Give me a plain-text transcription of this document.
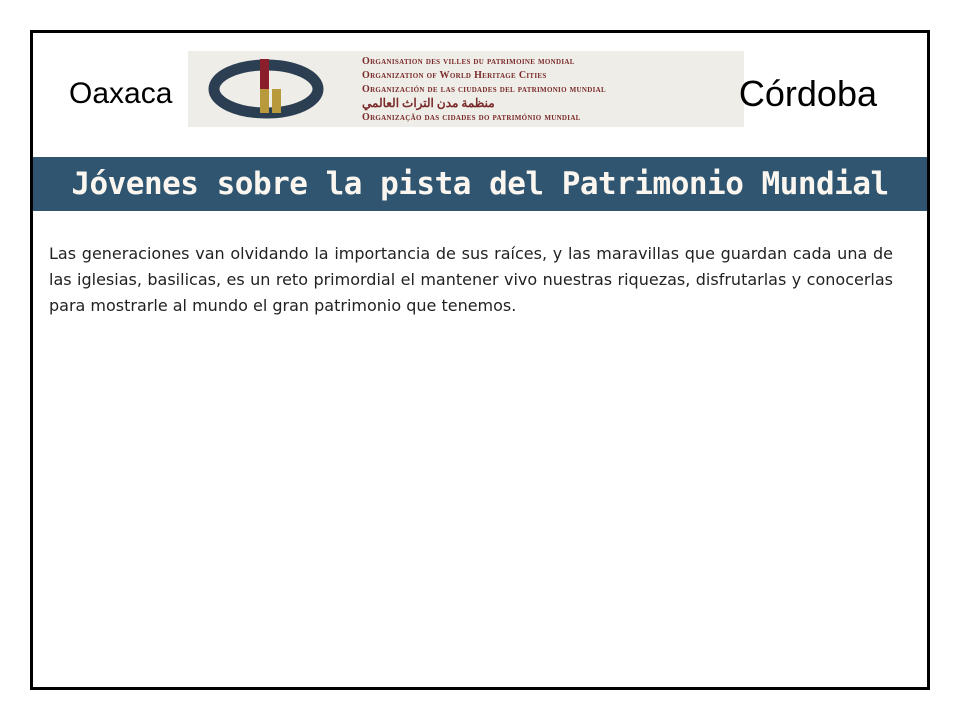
Oaxaca
Organisation des villes du patrimoine mondial
Organization of World Heritage Cities
Organización de las ciudades del patrimonio mundial
منظمة مدن التراث العالمي
Organização das cidades do património mundial
Córdoba
Jóvenes sobre la pista del Patrimonio Mundial

Las generaciones van olvidando la importancia de sus raíces, y las maravillas que guardan cada una de las iglesias, basilicas, es un reto primordial el mantener vivo nuestras riquezas, disfrutarlas y conocerlas para mostrarle al mundo el gran patrimonio que tenemos.
